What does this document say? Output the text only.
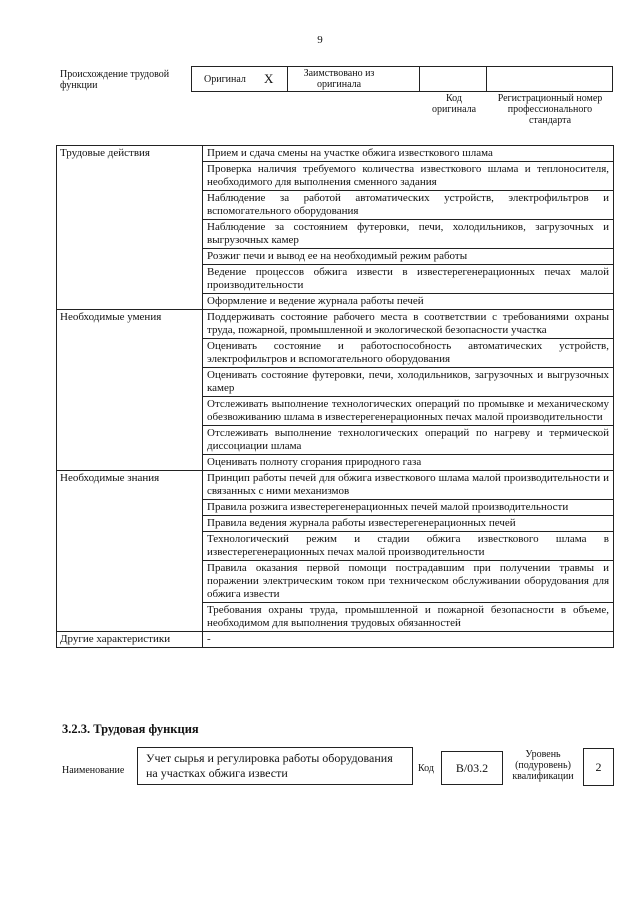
9
Происхождение трудовой функции
Оригинал X	Заимствовано из оригинала
Код оригинала
Регистрационный номер профессионального стандарта
Трудовые действия	Прием и сдача смены на участке обжига известкового шлама
	Проверка наличия требуемого количества известкового шлама и теплоносителя, необходимого для выполнения сменного задания
	Наблюдение за работой автоматических устройств, электрофильтров и вспомогательного оборудования
	Наблюдение за состоянием футеровки, печи, холодильников, загрузочных и выгрузочных камер
	Розжиг печи и вывод ее на необходимый режим работы
	Ведение процессов обжига извести в известерегенерационных печах малой производительности
	Оформление и ведение журнала работы печей
Необходимые умения	Поддерживать состояние рабочего места в соответствии с требованиями охраны труда, пожарной, промышленной и экологической безопасности участка
	Оценивать состояние и работоспособность автоматических устройств, электрофильтров и вспомогательного оборудования
	Оценивать состояние футеровки, печи, холодильников, загрузочных и выгрузочных камер
	Отслеживать выполнение технологических операций по промывке и механическому обезвоживанию шлама в известерегенерационных печах малой производительности
	Отслеживать выполнение технологических операций по нагреву и термической диссоциации шлама
	Оценивать полноту сгорания природного газа
Необходимые знания	Принцип работы печей для обжига известкового шлама малой производительности и связанных с ними механизмов
	Правила розжига известерегенерационных печей малой производительности
	Правила ведения журнала работы известерегенерационных печей
	Технологический режим и стадии обжига известкового шлама в известерегенерационных печах малой производительности
	Правила оказания первой помощи пострадавшим при получении травмы и поражении электрическим током при техническом обслуживании оборудования для обжига извести
	Требования охраны труда, промышленной и пожарной безопасности в объеме, необходимом для выполнения трудовых обязанностей
Другие характеристики	-
3.2.3. Трудовая функция
Наименование
Учет сырья и регулировка работы оборудования на участках обжига извести	Код	B/03.2
Уровень (подуровень) квалификации
2
